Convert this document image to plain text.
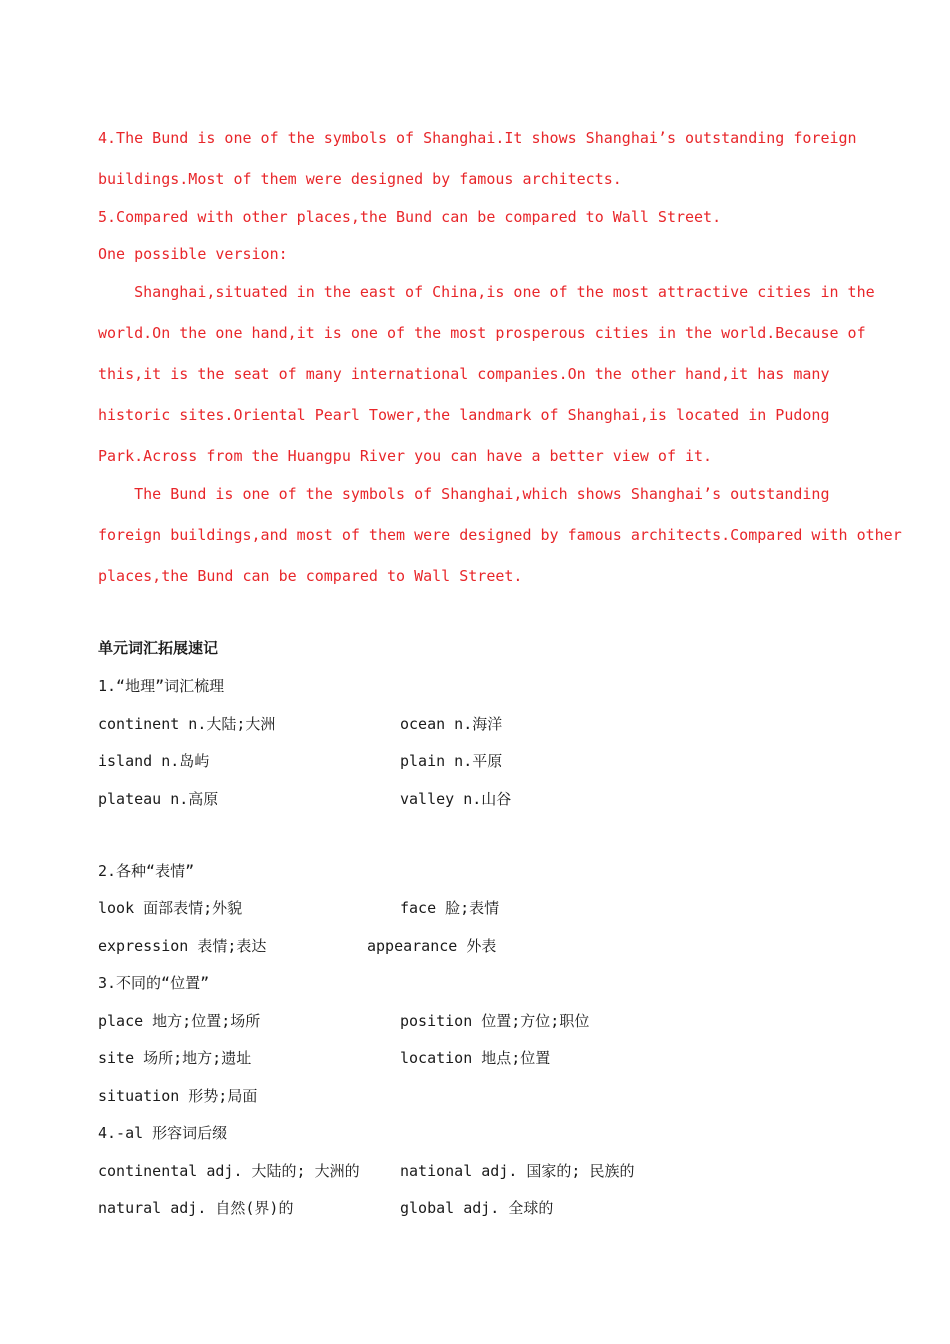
4.The Bund is one of the symbols of Shanghai.It shows Shanghai’s outstanding foreign
buildings.Most of them were designed by famous architects.
5.Compared with other places,the Bund can be compared to Wall Street.
One possible version:
Shanghai,situated in the east of China,is one of the most attractive cities in the
world.On the one hand,it is one of the most prosperous cities in the world.Because of
this,it is the seat of many international companies.On the other hand,it has many
historic sites.Oriental Pearl Tower,the landmark of Shanghai,is located in Pudong
Park.Across from the Huangpu River you can have a better view of it.
The Bund is one of the symbols of Shanghai,which shows Shanghai’s outstanding
foreign buildings,and most of them were designed by famous architects.Compared with other
places,the Bund can be compared to Wall Street.
单元词汇拓展速记
1.“地理”词汇梳理
continent n.大陆;大洲	ocean n.海洋
island n.岛屿	plain n.平原
plateau n.高原	valley n.山谷
2.各种“表情”
look 面部表情;外貌	face 脸;表情
expression 表情;表达	appearance 外表
3.不同的“位置”
place 地方;位置;场所	position 位置;方位;职位
site 场所;地方;遗址	location 地点;位置
situation 形势;局面
4.-al 形容词后缀
continental adj. 大陆的; 大洲的	national adj. 国家的; 民族的
natural adj. 自然(界)的	global adj. 全球的
